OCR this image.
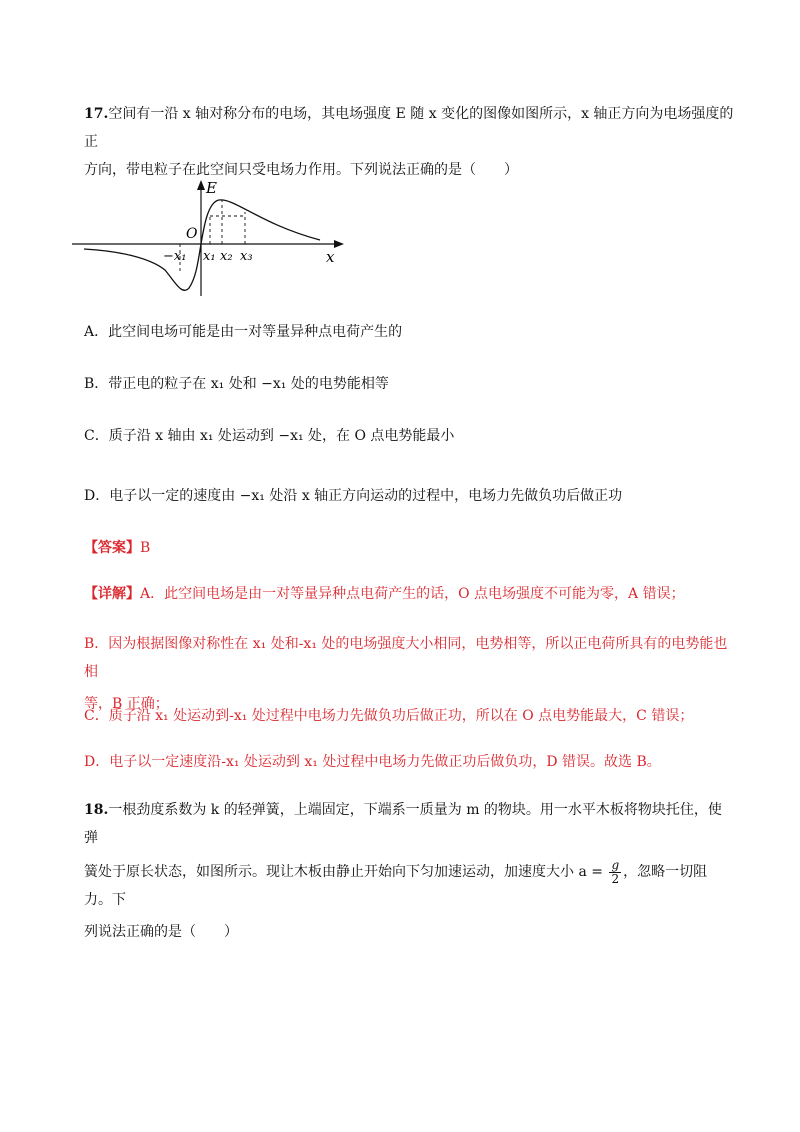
17.空间有一沿 x 轴对称分布的电场，其电场强度 E 随 x 变化的图像如图所示，x 轴正方向为电场强度的正
方向，带电粒子在此空间只受电场力作用。下列说法正确的是（　　）
E
O
x
−x₁ x₁ x₂ x₃
A．此空间电场可能是由一对等量异种点电荷产生的
B．带正电的粒子在 x₁ 处和 −x₁ 处的电势能相等
C．质子沿 x 轴由 x₁ 处运动到 −x₁ 处，在 O 点电势能最小
D．电子以一定的速度由 −x₁ 处沿 x 轴正方向运动的过程中，电场力先做负功后做正功
【答案】B
【详解】A．此空间电场是由一对等量异种点电荷产生的话，O 点电场强度不可能为零，A 错误；
B．因为根据图像对称性在 x₁ 处和-x₁ 处的电场强度大小相同，电势相等，所以正电荷所具有的电势能也相
等，B 正确；
C．质子沿 x₁ 处运动到-x₁ 处过程中电场力先做负功后做正功，所以在 O 点电势能最大，C 错误；
D．电子以一定速度沿-x₁ 处运动到 x₁ 处过程中电场力先做正功后做负功，D 错误。故选 B。
18.一根劲度系数为 k 的轻弹簧，上端固定，下端系一质量为 m 的物块。用一水平木板将物块托住，使弹
簧处于原长状态，如图所示。现让木板由静止开始向下匀加速运动，加速度大小 $a = \frac{g}{2}$ ，忽略一切阻力。下
列说法正确的是（　　）
